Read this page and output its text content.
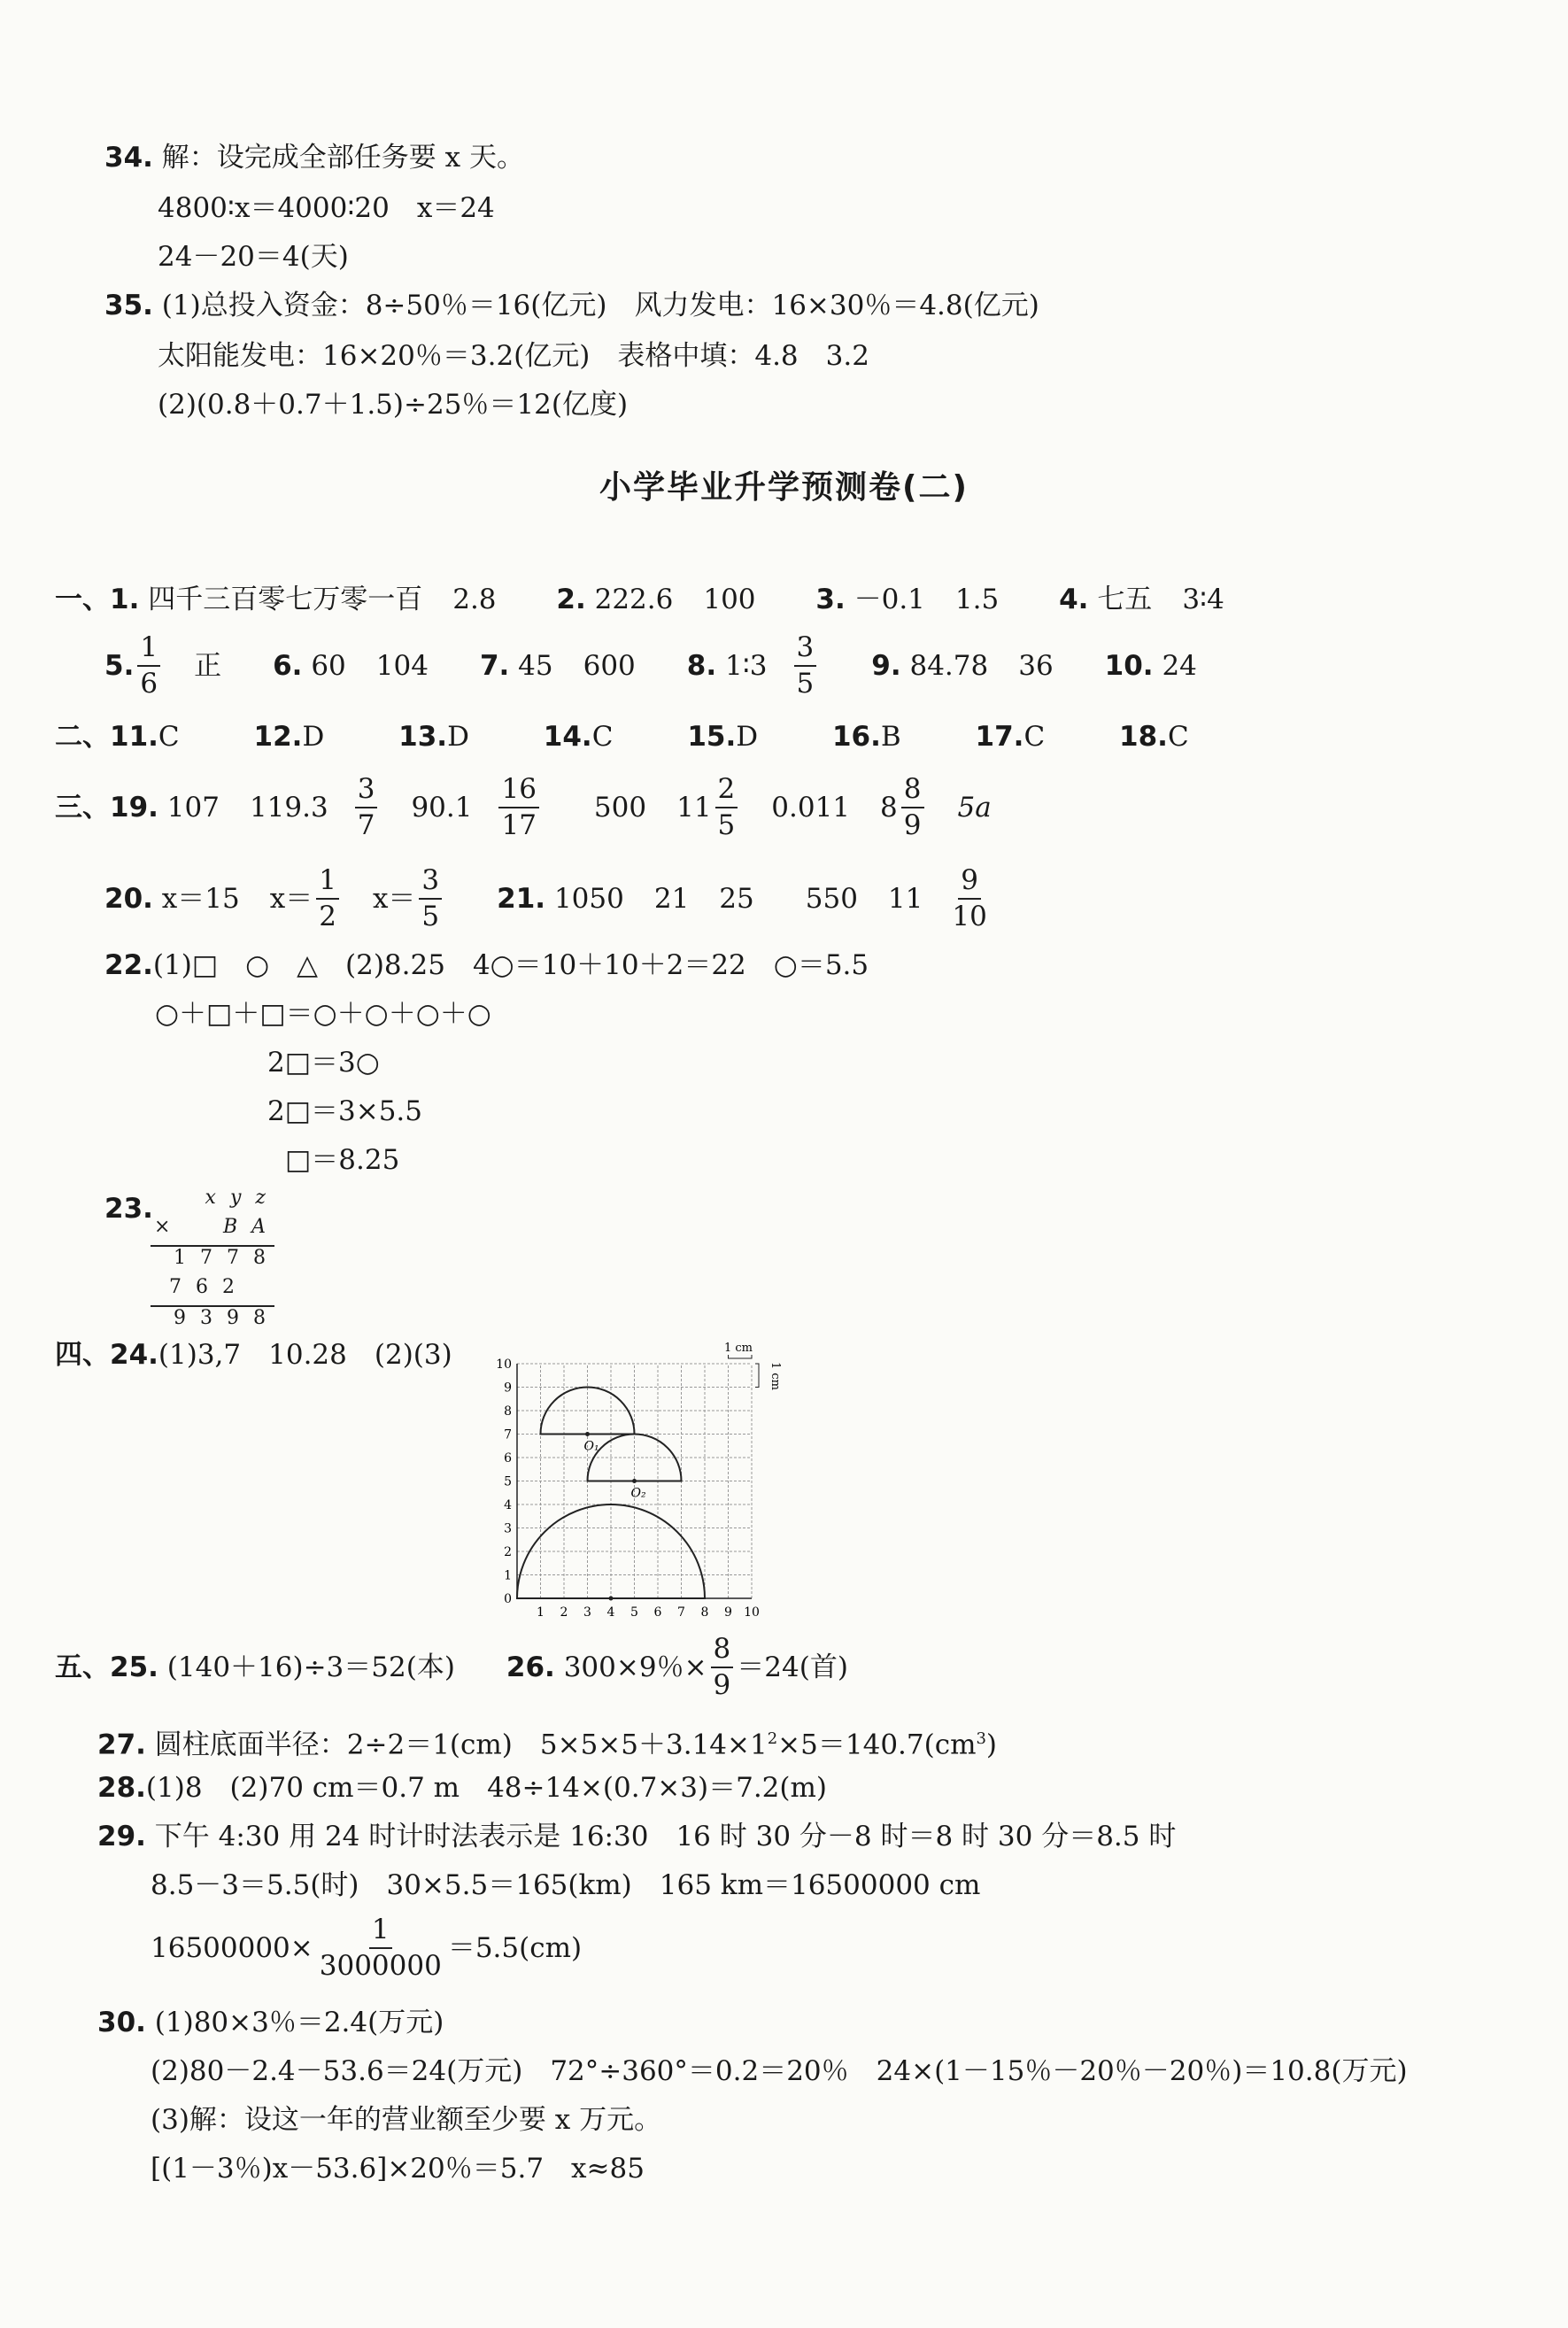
34. 解：设完成全部任务要 x 天。
4800∶x＝4000∶20　x＝24
24－20＝4(天)
35. (1)总投入资金：8÷50％＝16(亿元)　风力发电：16×30％＝4.8(亿元)
太阳能发电：16×20％＝3.2(亿元)　表格中填：4.8　3.2
(2)(0.8＋0.7＋1.5)÷25％＝12(亿度)
小学毕业升学预测卷(二)
一、1. 四千三百零七万零一百 2.8 2. 222.6 100 3. －0.1 1.5 4. 七五 3∶4
5. $\frac{1}{6}$ 正 6.
60 104 7.
45 600 8.
1∶3 $\frac{3}{5} 9$.
84.78 36 10.
24
二、11.C	12.D	13.D	14.C	15.D	16.B	17.C	18.C
三、 19.
107 $119.3 \frac{3}{7} 90.1 \frac{16}{17} 500$ $11 \frac{2}{5} 0.011$ $8 \frac{8}{9} 5a$
20.
x＝15 $x= \frac{1}{2} x= \frac{3}{5} 21$.
1050 21 25 550 $11 \frac{9}{10}$
22.(1)□　○　△　(2)8.25　4○＝10＋10＋2＝22　○＝5.5
○＋□＋□＝○＋○＋○＋○
2□＝3○
2□＝3×5.5
□＝8.25
23.	x y z
×	B A
1 7 7 8
7 6 2
9 3 9 8
四、24.(1)3,7　10.28　(2)(3)
0
1
2
3
4
5
6
7
8
9
10
1 2 3 4 5 6 7 8 9 10
O₁
O₂
1 cm
1 cm
五、 25.
(140＋16)÷3＝52(本) 26.
300×9％× $\frac{8}{9} =24$(首)
27. 圆柱底面半径：2÷2＝1(cm)　$5\times 5\times 5+3.14\times 1^2\times 5=140.7(cm^3)$
28.(1)8　(2)70 cm＝0.7 m　48÷14×(0.7×3)＝7.2(m)
29. 下午 4:30 用 24 时计时法表示是 16:30　16 时 30 分－8 时＝8 时 30 分＝8.5 时
8.5－3＝5.5(时)　30×5.5＝165(km)　165 km＝16500000 cm
$16500000\times \frac{1}{3000000} =5.5(cm)$
30. (1)80×3％＝2.4(万元)
(2)80－2.4－53.6＝24(万元)　72°÷360°＝0.2＝20％　24×(1－15％－20％－20％)＝10.8(万元)
(3)解：设这一年的营业额至少要 x 万元。
[(1－3％)x－53.6]×20％＝5.7　x≈85
